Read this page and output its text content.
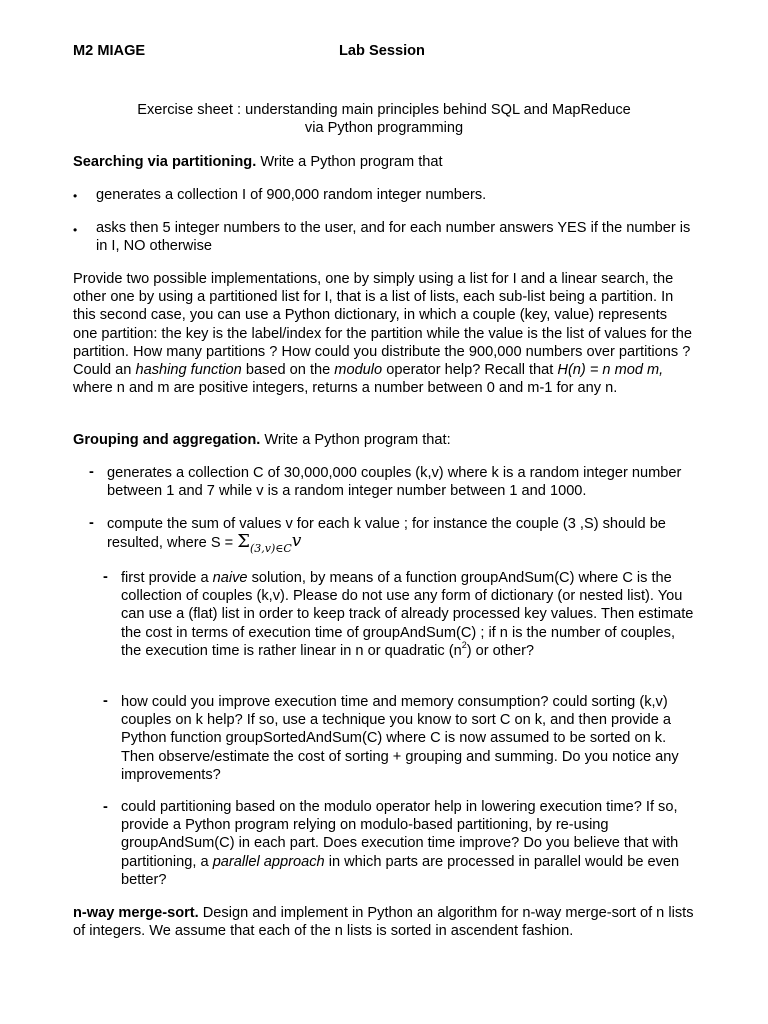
M2 MIAGE	Lab Session
Exercise sheet : understanding main principles behind SQL and MapReduce
via Python programming
Searching via partitioning. Write a Python program that
• generates a collection I of 900,000 random integer numbers.
• asks then 5 integer numbers to the user, and for each number answers YES if the number is in I, NO otherwise
Provide two possible implementations, one by simply using a list for I and a linear search, the other one by using a partitioned list for I, that is a list of lists, each sub-list being a partition. In this second case, you can use a Python dictionary, in which a couple (key, value) represents one partition: the key is the label/index for the partition while the value is the list of values for the partition. How many partitions ? How could you distribute the 900,000 numbers over partitions ? Could an hashing function based on the modulo operator help? Recall that H(n) = n mod m, where n and m are positive integers, returns a number between 0 and m-1 for any n.
Grouping and aggregation. Write a Python program that:
- generates a collection C of 30,000,000 couples (k,v) where k is a random integer number between 1 and 7 while v is a random integer number between 1 and 1000.
- compute the sum of values v for each k value ; for instance the couple (3 ,S) should be resulted, where $S = \Sigma_{(3,v)\in C}v$
- first provide a naive solution, by means of a function groupAndSum(C) where C is the collection of couples (k,v). Please do not use any form of dictionary (or nested list). You can use a (flat) list in order to keep track of already processed key values. Then estimate the cost in terms of execution time of groupAndSum(C) ; if n is the number of couples, the execution time is rather linear in n or quadratic $(n^2)$ or other?
- how could you improve execution time and memory consumption? could sorting (k,v) couples on k help? If so, use a technique you know to sort C on k, and then provide a Python function groupSortedAndSum(C) where C is now assumed to be sorted on k. Then observe/estimate the cost of sorting + grouping and summing. Do you notice any improvements?
- could partitioning based on the modulo operator help in lowering execution time? If so, provide a Python program relying on modulo-based partitioning, by re-using groupAndSum(C) in each part. Does execution time improve? Do you believe that with partitioning, a parallel approach in which parts are processed in parallel would be even better?
n-way merge-sort. Design and implement in Python an algorithm for n-way merge-sort of n lists of integers. We assume that each of the n lists is sorted in ascendent fashion.
